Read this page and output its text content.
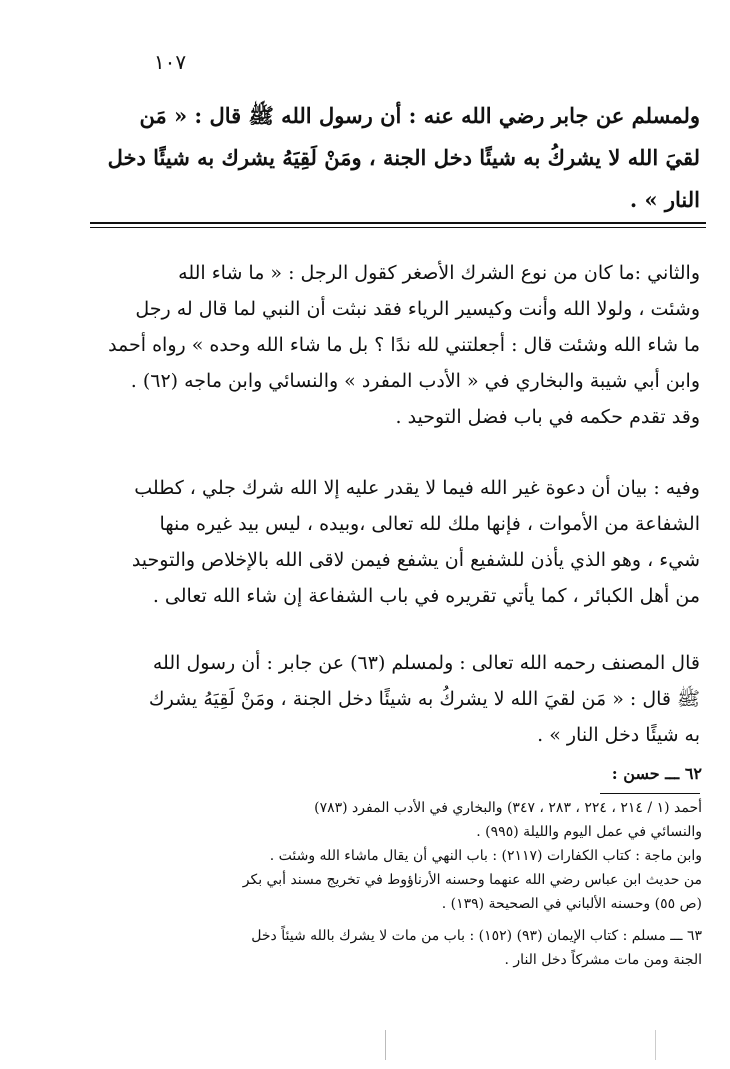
١٠٧
ولمسلم عن جابر رضي الله عنه : أن رسول الله ﷺ قال : « مَن
لقيَ الله لا يشركُ به شيئًا دخل الجنة ، ومَنْ لَقِيَهُ يشرك به شيئًا دخل
النار » .
والثاني :ما كان من نوع الشرك الأصغر كقول الرجل : « ما شاء الله
وشئت ، ولولا الله وأنت وكيسير الرياء فقد نبثت أن النبي لما قال له رجل
ما شاء الله وشئت قال : أجعلتني لله ندًا ؟ بل ما شاء الله وحده » رواه أحمد
وابن أبي شيبة والبخاري في « الأدب المفرد » والنسائي وابن ماجه (٦٢) .
وقد تقدم حكمه في باب فضل التوحيد .
وفيه : بيان أن دعوة غير الله فيما لا يقدر عليه إلا الله شرك جلي ، كطلب
الشفاعة من الأموات ، فإنها ملك لله تعالى ،وبيده ، ليس بيد غيره منها
شيء ، وهو الذي يأذن للشفيع أن يشفع فيمن لاقى الله بالإخلاص والتوحيد
من أهل الكبائر ، كما يأتي تقريره في باب الشفاعة إن شاء الله تعالى .
قال المصنف رحمه الله تعالى : ولمسلم (٦٣) عن جابر : أن رسول الله
ﷺ قال : « مَن لقيَ الله لا يشركُ به شيئًا دخل الجنة ، ومَنْ لَقِيَهُ يشرك
به شيئًا دخل النار » .
٦٢ ـــ حسن :

أحمد (١ / ٢١٤ ، ٢٢٤ ، ٢٨٣ ، ٣٤٧) والبخاري في الأدب المفرد (٧٨٣)

والنسائي في عمل اليوم والليلة (٩٩٥) .

وابن ماجة : كتاب الكفارات (٢١١٧) : باب النهي أن يقال ماشاء الله وشئت .

من حديث ابن عباس رضي الله عنهما وحسنه الأرناؤوط في تخريج مسند أبي بكر

(ص ٥٥) وحسنه الألباني في الصحيحة (١٣٩) .

٦٣ ـــ مسلم : كتاب الإيمان (٩٣) (١٥٢) : باب من مات لا يشرك بالله شيئاً دخل

الجنة ومن مات مشركاً دخل النار .
